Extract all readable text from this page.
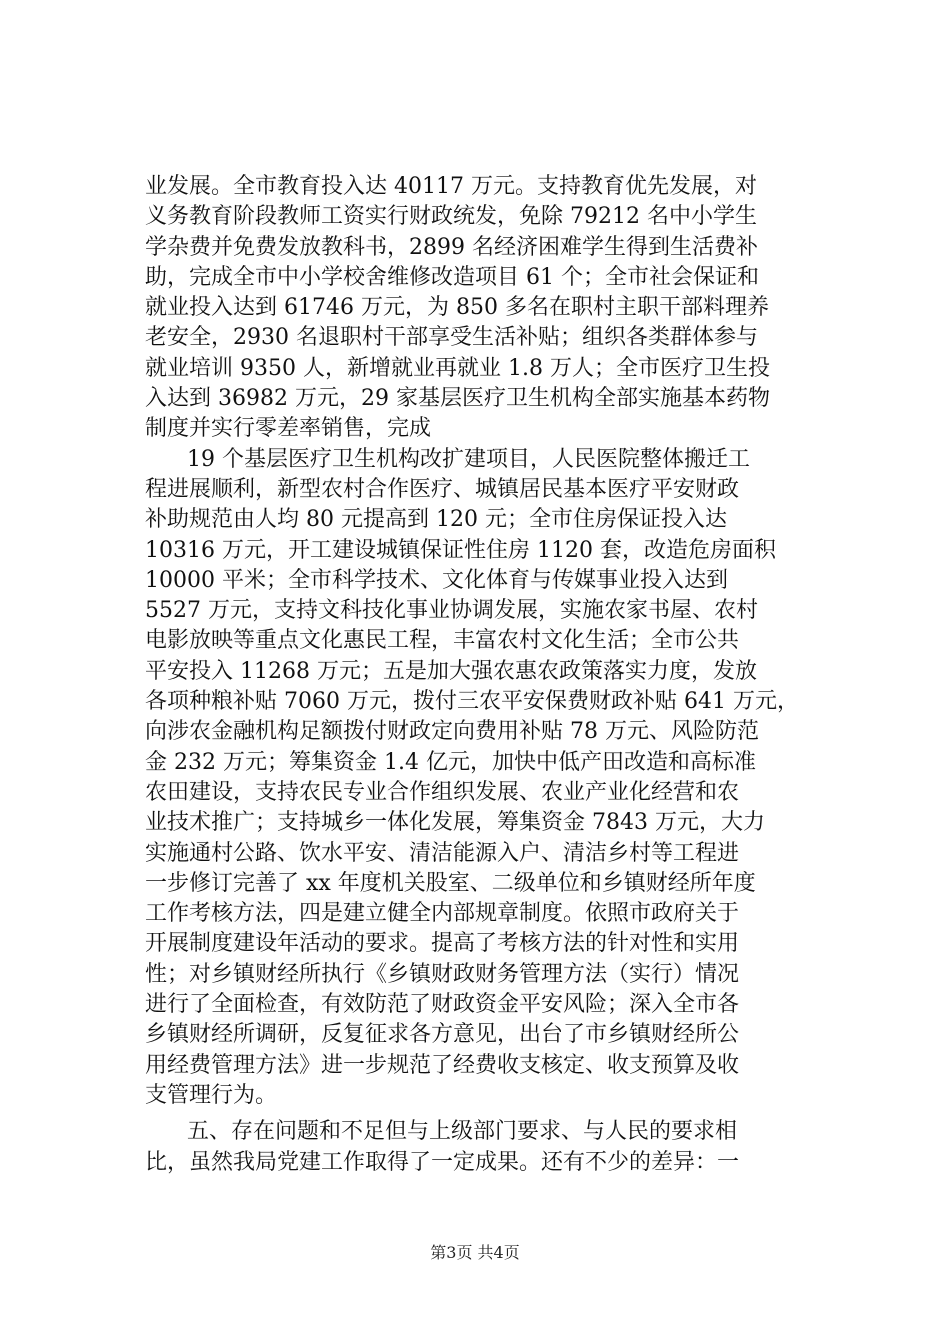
业发展。全市教育投入达 40117 万元。支持教育优先发展，对
义务教育阶段教师工资实行财政统发，免除 79212 名中小学生
学杂费并免费发放教科书，2899 名经济困难学生得到生活费补
助，完成全市中小学校舍维修改造项目 61 个；全市社会保证和
就业投入达到 61746 万元，为 850 多名在职村主职干部料理养
老安全，2930 名退职村干部享受生活补贴；组织各类群体参与
就业培训 9350 人，新增就业再就业 1.8 万人；全市医疗卫生投
入达到 36982 万元，29 家基层医疗卫生机构全部实施基本药物
制度并实行零差率销售，完成
19 个基层医疗卫生机构改扩建项目，人民医院整体搬迁工
程进展顺利，新型农村合作医疗、城镇居民基本医疗平安财政
补助规范由人均 80 元提高到 120 元；全市住房保证投入达
10316 万元，开工建设城镇保证性住房 1120 套，改造危房面积
10000 平米；全市科学技术、文化体育与传媒事业投入达到
5527 万元，支持文科技化事业协调发展，实施农家书屋、农村
电影放映等重点文化惠民工程，丰富农村文化生活；全市公共
平安投入 11268 万元；五是加大强农惠农政策落实力度，发放
各项种粮补贴 7060 万元，拨付三农平安保费财政补贴 641 万元，
向涉农金融机构足额拨付财政定向费用补贴 78 万元、风险防范
金 232 万元；筹集资金 1.4 亿元，加快中低产田改造和高标准
农田建设，支持农民专业合作组织发展、农业产业化经营和农
业技术推广；支持城乡一体化发展，筹集资金 7843 万元，大力
实施通村公路、饮水平安、清洁能源入户、清洁乡村等工程进
一步修订完善了 xx 年度机关股室、二级单位和乡镇财经所年度
工作考核方法，四是建立健全内部规章制度。依照市政府关于
开展制度建设年活动的要求。提高了考核方法的针对性和实用
性；对乡镇财经所执行《乡镇财政财务管理方法（实行）情况
进行了全面检查，有效防范了财政资金平安风险；深入全市各
乡镇财经所调研，反复征求各方意见，出台了市乡镇财经所公
用经费管理方法》进一步规范了经费收支核定、收支预算及收
支管理行为。
五、存在问题和不足但与上级部门要求、与人民的要求相
比，虽然我局党建工作取得了一定成果。还有不少的差异：一
第3页 共4页
